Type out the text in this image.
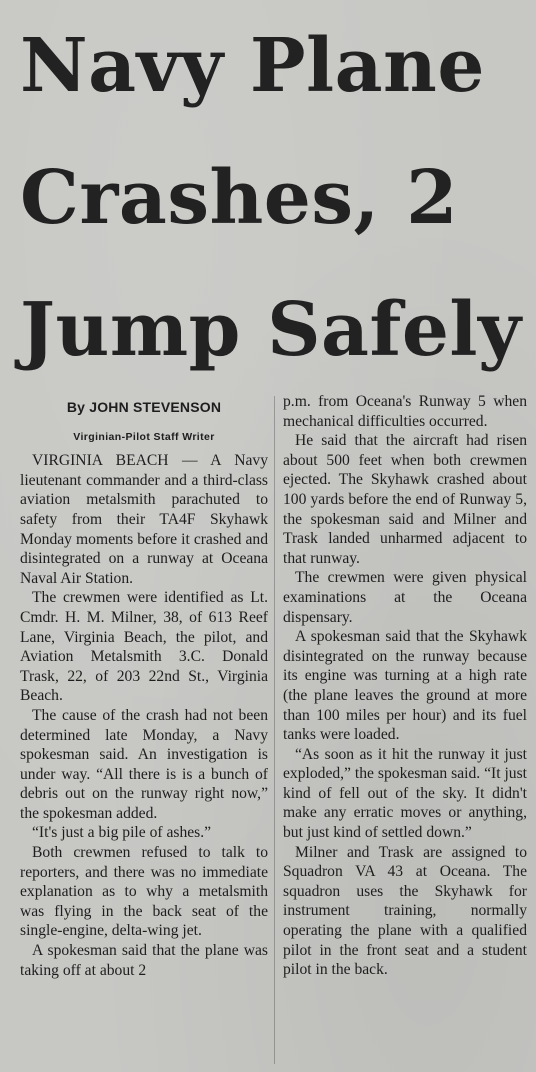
Navy Plane
Crashes, 2
Jump Safely
By JOHN STEVENSON
Virginian-Pilot Staff Writer

VIRGINIA BEACH — A Navy lieutenant commander and a third-class aviation metalsmith parachuted to safety from their TA4F Skyhawk Monday moments before it crashed and disintegrated on a runway at Oceana Naval Air Station.

The crewmen were identified as Lt. Cmdr. H. M. Milner, 38, of 613 Reef Lane, Virginia Beach, the pilot, and Aviation Metalsmith 3.C. Donald Trask, 22, of 203 22nd St., Virginia Beach.

The cause of the crash had not been determined late Monday, a Navy spokesman said. An investigation is under way. “All there is is a bunch of debris out on the runway right now,” the spokesman added.

“It's just a big pile of ashes.”

Both crewmen refused to talk to reporters, and there was no immediate explanation as to why a metalsmith was flying in the back seat of the single-engine, delta-wing jet.

A spokesman said that the plane was taking off at about 2

p.m. from Oceana's Runway 5 when mechanical difficulties occurred.

He said that the aircraft had risen about 500 feet when both crewmen ejected. The Skyhawk crashed about 100 yards before the end of Runway 5, the spokesman said and Milner and Trask landed unharmed adjacent to that runway.

The crewmen were given physical examinations at the Oceana dispensary.

A spokesman said that the Skyhawk disintegrated on the runway because its engine was turning at a high rate (the plane leaves the ground at more than 100 miles per hour) and its fuel tanks were loaded.

“As soon as it hit the runway it just exploded,” the spokesman said. “It just kind of fell out of the sky. It didn't make any erratic moves or anything, but just kind of settled down.”

Milner and Trask are assigned to Squadron VA 43 at Oceana. The squadron uses the Skyhawk for instrument training, normally operating the plane with a qualified pilot in the front seat and a student pilot in the back.
